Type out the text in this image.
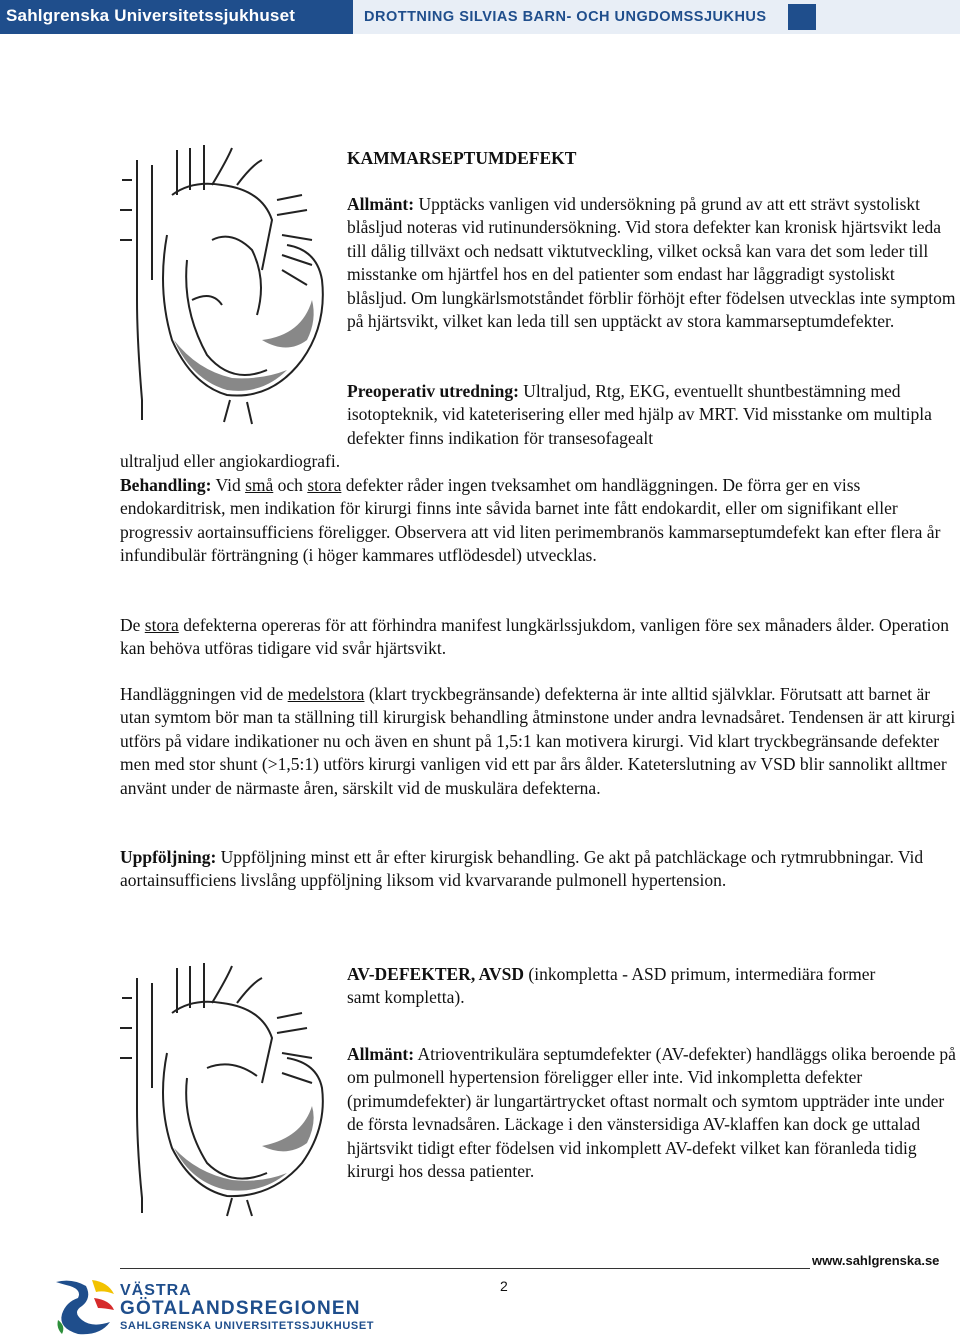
Sahlgrenska Universitetssjukhuset	DROTTNING SILVIAS BARN- OCH UNGDOMSSJUKHUS
KAMMARSEPTUMDEFEKT

Allmänt: Upptäcks vanligen vid undersökning på grund av att ett strävt systoliskt blåsljud noteras vid rutinundersökning. Vid stora defekter kan kronisk hjärtsvikt leda till dålig tillväxt och nedsatt viktutveckling, vilket också kan vara det som leder till misstanke om hjärtfel hos en del patienter som endast har låggradigt systoliskt blåsljud. Om lungkärlsmotståndet förblir förhöjt efter födelsen utvecklas inte symptom på hjärtsvikt, vilket kan leda till sen upptäckt av stora kammarseptumdefekter.

Preoperativ utredning: Ultraljud, Rtg, EKG, eventuellt shuntbestämning med isotopteknik, vid kateterisering eller med hjälp av MRT. Vid misstanke om multipla defekter finns indikation för transesofagealt

ultraljud eller angiokardiografi.

Behandling: Vid små och stora defekter råder ingen tveksamhet om handläggningen. De förra ger en viss endokarditrisk, men indikation för kirurgi finns inte såvida barnet inte fått endokardit, eller om signifikant eller progressiv aortainsufficiens föreligger. Observera att vid liten perimembranös kammarseptumdefekt kan efter flera år infundibulär förträngning (i höger kammares utflödesdel) utvecklas.

De stora defekterna opereras för att förhindra manifest lungkärlssjukdom, vanligen före sex månaders ålder. Operation kan behöva utföras tidigare vid svår hjärtsvikt.

Handläggningen vid de medelstora (klart tryckbegränsande) defekterna är inte alltid självklar. Förutsatt att barnet är utan symtom bör man ta ställning till kirurgisk behandling åtminstone under andra levnadsåret. Tendensen är att kirurgi utförs på vidare indikationer nu och även en shunt på 1,5:1 kan motivera kirurgi. Vid klart tryckbegränsande defekter men med stor shunt (>1,5:1) utförs kirurgi vanligen vid ett par års ålder. Kateterslutning av VSD blir sannolikt alltmer använt under de närmaste åren, särskilt vid de muskulära defekterna.

Uppföljning: Uppföljning minst ett år efter kirurgisk behandling. Ge akt på patchläckage och rytmrubbningar. Vid aortainsufficiens livslång uppföljning liksom vid kvarvarande pulmonell hypertension.

AV-DEFEKTER, AVSD (inkompletta - ASD primum, intermediära former samt kompletta).

Allmänt: Atrioventrikulära septumdefekter (AV-defekter) handläggs olika beroende på om pulmonell hypertension föreligger eller inte. Vid inkompletta defekter (primumdefekter) är lungartärtrycket oftast normalt och symtom uppträder inte under de första levnadsåren. Läckage i den vänstersidiga AV-klaffen kan dock ge uttalad hjärtsvikt tidigt efter födelsen vid inkomplett AV-defekt vilket kan föranleda tidig kirurgi hos dessa patienter.

www.sahlgrenska.se
2
VÄSTRA
GÖTALANDSREGIONEN
SAHLGRENSKA UNIVERSITETSSJUKHUSET
